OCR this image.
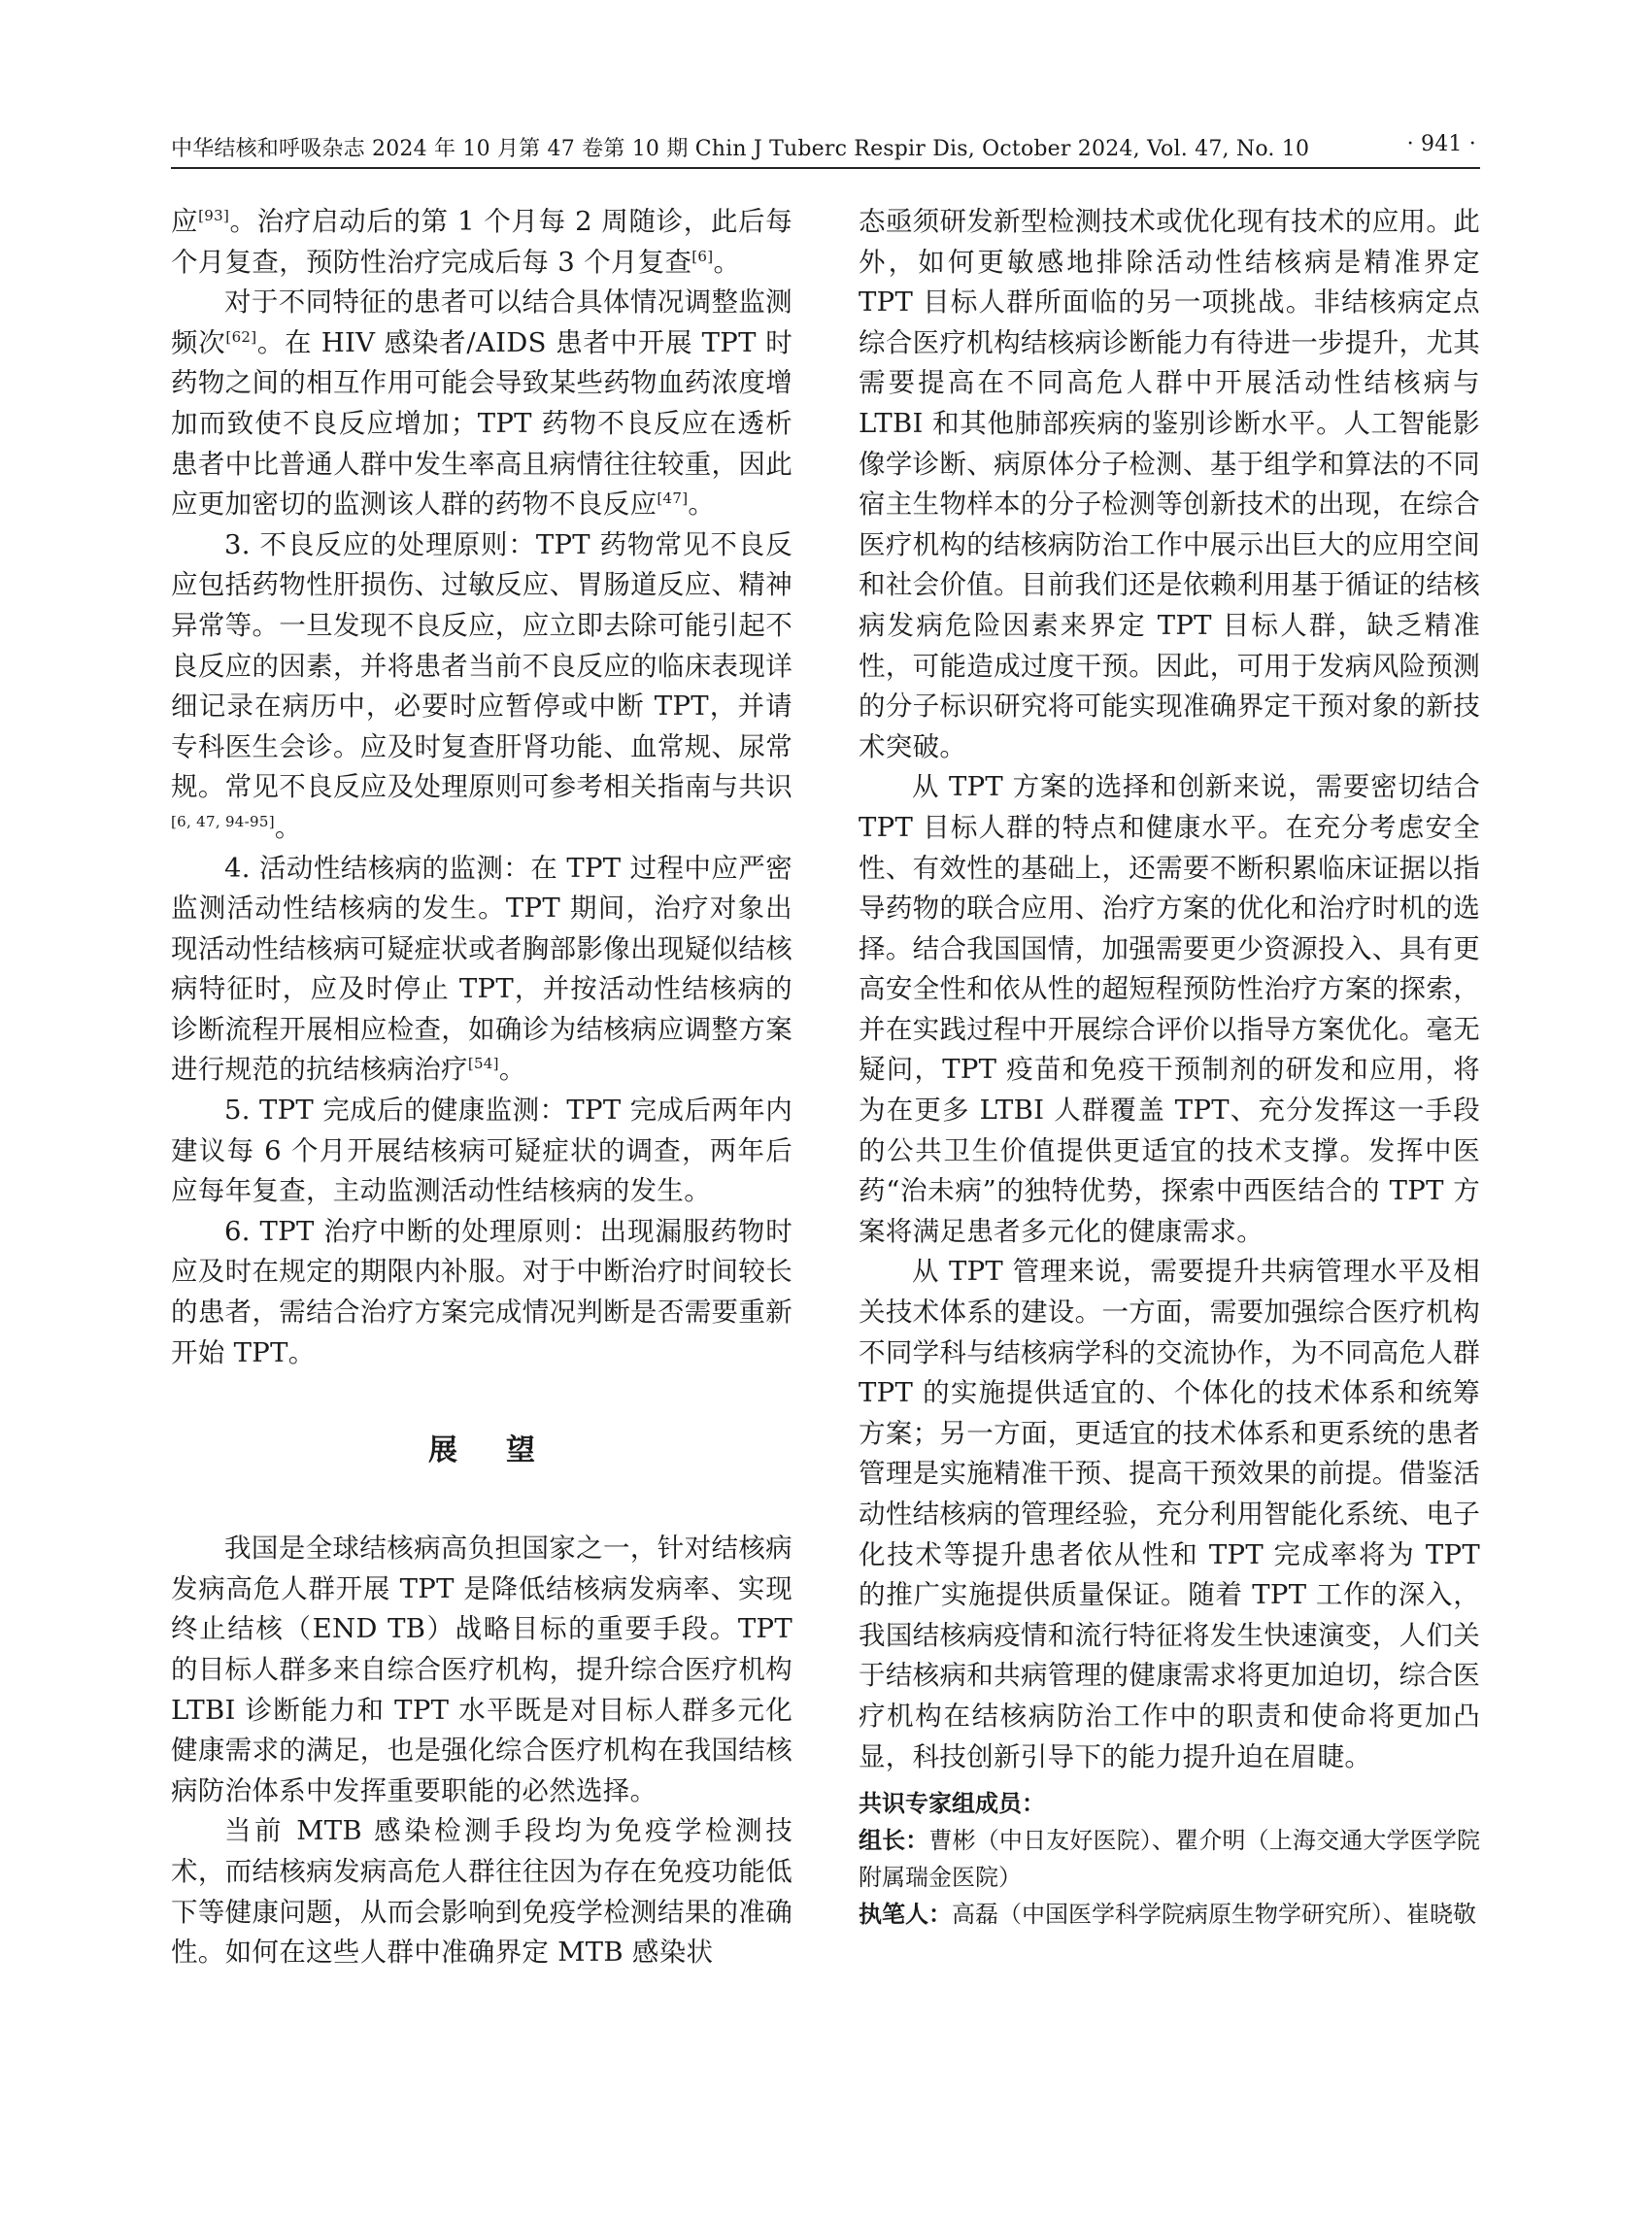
中华结核和呼吸杂志 2024 年 10 月第 47 卷第 10 期 Chin J Tuberc Respir Dis, October 2024, Vol. 47, No. 10	· 941 ·

应[93]。治疗启动后的第 1 个月每 2 周随诊，此后每个月复查，预防性治疗完成后每 3 个月复查[6]。

对于不同特征的患者可以结合具体情况调整监测频次[62]。在 HIV 感染者/AIDS 患者中开展 TPT 时药物之间的相互作用可能会导致某些药物血药浓度增加而致使不良反应增加；TPT 药物不良反应在透析患者中比普通人群中发生率高且病情往往较重，因此应更加密切的监测该人群的药物不良反应[47]。

3. 不良反应的处理原则：TPT 药物常见不良反应包括药物性肝损伤、过敏反应、胃肠道反应、精神异常等。一旦发现不良反应，应立即去除可能引起不良反应的因素，并将患者当前不良反应的临床表现详细记录在病历中，必要时应暂停或中断 TPT，并请专科医生会诊。应及时复查肝肾功能、血常规、尿常规。常见不良反应及处理原则可参考相关指南与共识[6, 47, 94-95]。

4. 活动性结核病的监测：在 TPT 过程中应严密监测活动性结核病的发生。TPT 期间，治疗对象出现活动性结核病可疑症状或者胸部影像出现疑似结核病特征时，应及时停止 TPT，并按活动性结核病的诊断流程开展相应检查，如确诊为结核病应调整方案进行规范的抗结核病治疗[54]。

5. TPT 完成后的健康监测：TPT 完成后两年内建议每 6 个月开展结核病可疑症状的调查，两年后应每年复查，主动监测活动性结核病的发生。

6. TPT 治疗中断的处理原则：出现漏服药物时应及时在规定的期限内补服。对于中断治疗时间较长的患者，需结合治疗方案完成情况判断是否需要重新开始 TPT。

展望

我国是全球结核病高负担国家之一，针对结核病发病高危人群开展 TPT 是降低结核病发病率、实现终止结核（END TB）战略目标的重要手段。TPT 的目标人群多来自综合医疗机构，提升综合医疗机构 LTBI 诊断能力和 TPT 水平既是对目标人群多元化健康需求的满足，也是强化综合医疗机构在我国结核病防治体系中发挥重要职能的必然选择。

当前 MTB 感染检测手段均为免疫学检测技术，而结核病发病高危人群往往因为存在免疫功能低下等健康问题，从而会影响到免疫学检测结果的准确性。如何在这些人群中准确界定 MTB 感染状

态亟须研发新型检测技术或优化现有技术的应用。此外，如何更敏感地排除活动性结核病是精准界定 TPT 目标人群所面临的另一项挑战。非结核病定点综合医疗机构结核病诊断能力有待进一步提升，尤其需要提高在不同高危人群中开展活动性结核病与 LTBI 和其他肺部疾病的鉴别诊断水平。人工智能影像学诊断、病原体分子检测、基于组学和算法的不同宿主生物样本的分子检测等创新技术的出现，在综合医疗机构的结核病防治工作中展示出巨大的应用空间和社会价值。目前我们还是依赖利用基于循证的结核病发病危险因素来界定 TPT 目标人群，缺乏精准性，可能造成过度干预。因此，可用于发病风险预测的分子标识研究将可能实现准确界定干预对象的新技术突破。

从 TPT 方案的选择和创新来说，需要密切结合 TPT 目标人群的特点和健康水平。在充分考虑安全性、有效性的基础上，还需要不断积累临床证据以指导药物的联合应用、治疗方案的优化和治疗时机的选择。结合我国国情，加强需要更少资源投入、具有更高安全性和依从性的超短程预防性治疗方案的探索，并在实践过程中开展综合评价以指导方案优化。毫无疑问，TPT 疫苗和免疫干预制剂的研发和应用，将为在更多 LTBI 人群覆盖 TPT、充分发挥这一手段的公共卫生价值提供更适宜的技术支撑。发挥中医药“治未病”的独特优势，探索中西医结合的 TPT 方案将满足患者多元化的健康需求。

从 TPT 管理来说，需要提升共病管理水平及相关技术体系的建设。一方面，需要加强综合医疗机构不同学科与结核病学科的交流协作，为不同高危人群 TPT 的实施提供适宜的、个体化的技术体系和统筹方案；另一方面，更适宜的技术体系和更系统的患者管理是实施精准干预、提高干预效果的前提。借鉴活动性结核病的管理经验，充分利用智能化系统、电子化技术等提升患者依从性和 TPT 完成率将为 TPT 的推广实施提供质量保证。随着 TPT 工作的深入，我国结核病疫情和流行特征将发生快速演变，人们关于结核病和共病管理的健康需求将更加迫切，综合医疗机构在结核病防治工作中的职责和使命将更加凸显，科技创新引导下的能力提升迫在眉睫。

共识专家组成员：

组长：曹彬（中日友好医院）、瞿介明（上海交通大学医学院附属瑞金医院）

执笔人：高磊（中国医学科学院病原生物学研究所）、崔晓敬
